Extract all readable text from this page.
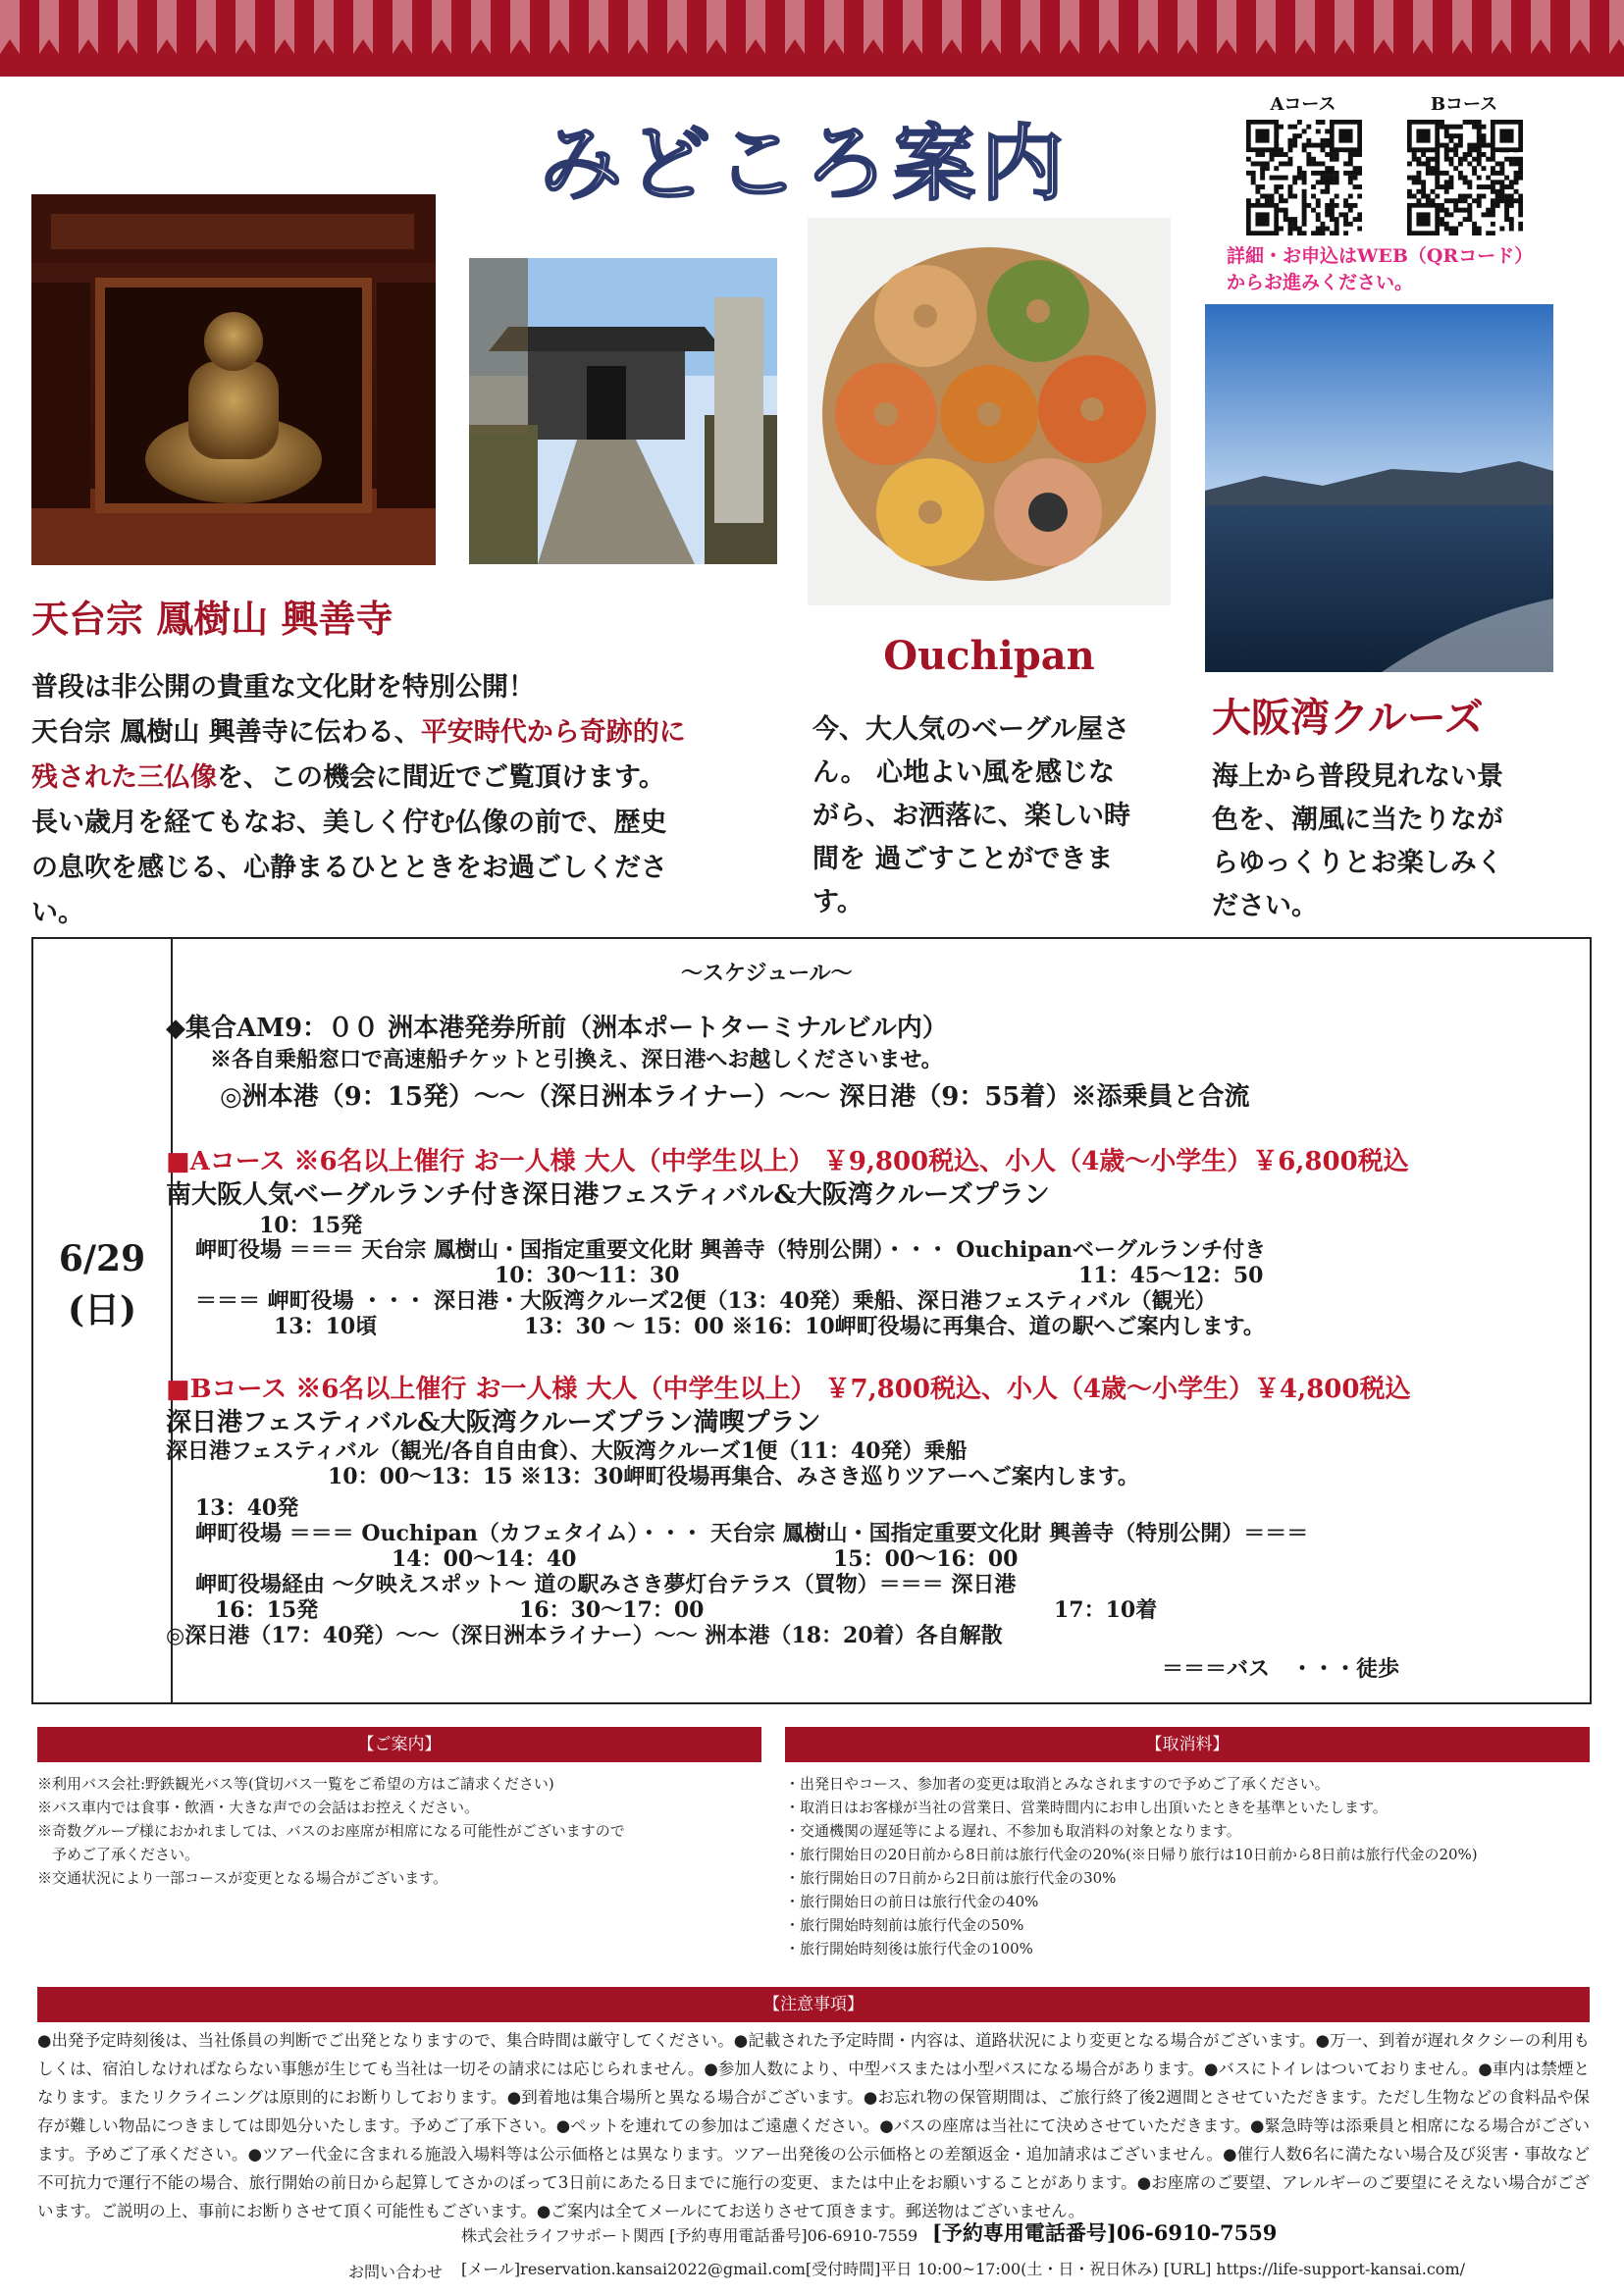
みどころ案内
Aコース	Bコース
詳細・お申込はWEB（QRコード）
からお進みください。
天台宗 鳳樹山 興善寺
普段は非公開の貴重な文化財を特別公開！
天台宗 鳳樹山 興善寺に伝わる、平安時代から奇跡的に
残された三仏像を、この機会に間近でご覧頂けます。
長い歳月を経てもなお、美しく佇む仏像の前で、歴史
の息吹を感じる、心静まるひとときをお過ごしくださ
い。
Ouchipan
今、大人気のベーグル屋さ
ん。 心地よい風を感じな
がら、お洒落に、楽しい時
間を 過ごすことができま
す。
大阪湾クルーズ
海上から普段見れない景
色を、潮風に当たりなが
らゆっくりとお楽しみく
ださい。
6/29
(日)
～スケジュール～
◆集合AM9：００ 洲本港発券所前（洲本ポートターミナルビル内）
※各自乗船窓口で高速船チケットと引換え、深日港へお越しくださいませ。
◎洲本港（9：15発）～～（深日洲本ライナー）～～ 深日港（9：55着）※添乗員と合流
■Aコース ※6名以上催行 お一人様 大人（中学生以上） ￥9,800税込、小人（4歳～小学生）￥6,800税込
南大阪人気ベーグルランチ付き深日港フェスティバル&大阪湾クルーズプラン
10：15発
岬町役場 ＝＝＝ 天台宗 鳳樹山・国指定重要文化財 興善寺（特別公開）・・・ Ouchipanベーグルランチ付き
10：30～11：30	11：45～12：50
＝＝＝ 岬町役場 ・・・ 深日港・大阪湾クルーズ2便（13：40発）乗船、深日港フェスティバル（観光）
13：10頃	13：30 ～ 15：00 ※16：10岬町役場に再集合、道の駅へご案内します。
■Bコース ※6名以上催行 お一人様 大人（中学生以上） ￥7,800税込、小人（4歳～小学生）￥4,800税込
深日港フェスティバル&大阪湾クルーズプラン満喫プラン
深日港フェスティバル（観光/各自自由食）、大阪湾クルーズ1便（11：40発）乗船
10：00～13：15 ※13：30岬町役場再集合、みさき巡りツアーへご案内します。
13：40発
岬町役場 ＝＝＝ Ouchipan（カフェタイム）・・・ 天台宗 鳳樹山・国指定重要文化財 興善寺（特別公開）＝＝＝
14：00～14：40	15：00～16：00
岬町役場経由 ～夕映えスポット～ 道の駅みさき夢灯台テラス（買物）＝＝＝ 深日港
16：15発	16：30～17：00	17：10着
◎深日港（17：40発）～～（深日洲本ライナー）～～ 洲本港（18：20着）各自解散
＝＝＝バス　・・・徒歩
【ご案内】
※利用バス会社:野鉄観光バス等(貸切バス一覧をご希望の方はご請求ください)
※バス車内では食事・飲酒・大きな声での会話はお控えください。
※奇数グループ様におかれましては、バスのお座席が相席になる可能性がございますので
　予めご了承ください。
※交通状況により一部コースが変更となる場合がございます。
【取消料】
・出発日やコース、参加者の変更は取消とみなされますので予めご了承ください。
・取消日はお客様が当社の営業日、営業時間内にお申し出頂いたときを基準といたします。
・交通機関の遅延等による遅れ、不参加も取消料の対象となります。
・旅行開始日の20日前から8日前は旅行代金の20%(※日帰り旅行は10日前から8日前は旅行代金の20%)
・旅行開始日の7日前から2日前は旅行代金の30%
・旅行開始日の前日は旅行代金の40%
・旅行開始時刻前は旅行代金の50%
・旅行開始時刻後は旅行代金の100%
【注意事項】
●出発予定時刻後は、当社係員の判断でご出発となりますので、集合時間は厳守してください。●記載された予定時間・内容は、道路状況により変更となる場合がございます。●万一、到着が遅れタクシーの利用もしくは、宿泊しなければならない事態が生じても当社は一切その請求には応じられません。●参加人数により、中型バスまたは小型バスになる場合があります。●バスにトイレはついておりません。●車内は禁煙となります。またリクライニングは原則的にお断りしております。●到着地は集合場所と異なる場合がございます。●お忘れ物の保管期間は、ご旅行終了後2週間とさせていただきます。ただし生物などの食料品や保存が難しい物品につきましては即処分いたします。予めご了承下さい。●ペットを連れての参加はご遠慮ください。●バスの座席は当社にて決めさせていただきます。●緊急時等は添乗員と相席になる場合がございます。予めご了承ください。●ツアー代金に含まれる施設入場料等は公示価格とは異なります。ツアー出発後の公示価格との差額返金・追加請求はございません。●催行人数6名に満たない場合及び災害・事故など不可抗力で運行不能の場合、旅行開始の前日から起算してさかのぼって3日前にあたる日までに施行の変更、または中止をお願いすることがあります。●お座席のご要望、アレルギーのご要望にそえない場合がございます。ご説明の上、事前にお断りさせて頂く可能性もございます。●ご案内は全てメールにてお送りさせて頂きます。郵送物はございません。
お問い合わせ
株式会社ライフサポート関西 [予約専用電話番号]06-6910-7559 [予約専用電話番号]06-6910-7559
[メール]reservation.kansai2022@gmail.com[受付時間]平日 10:00~17:00(土・日・祝日休み) [URL] https://life-support-kansai.com/
